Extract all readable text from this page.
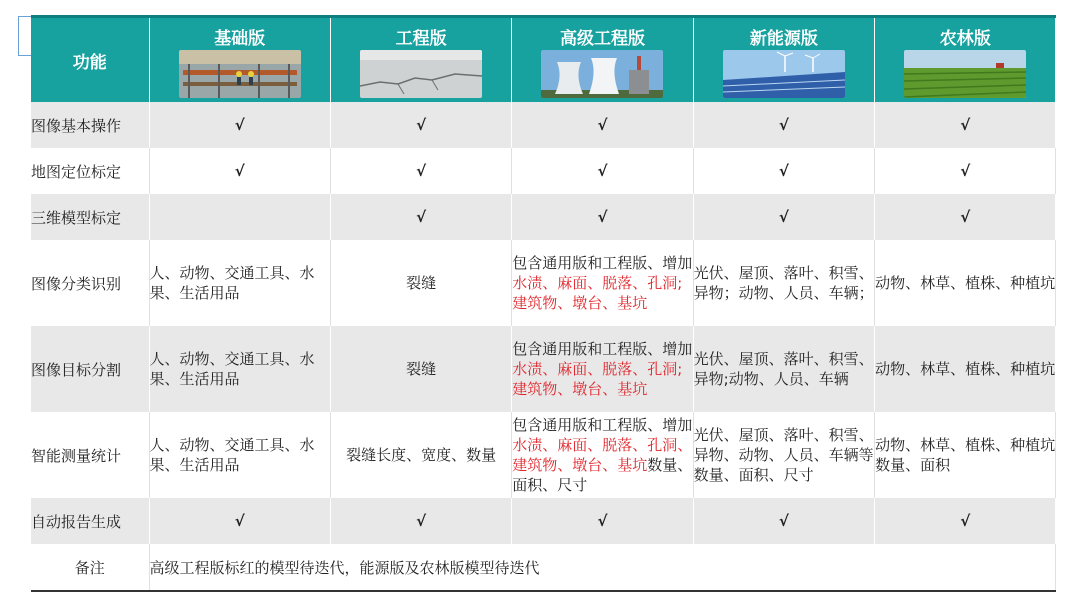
功能	基础版	工程版	高级工程版	新能源版	农林版

图像基本操作	√	√	√	√	√
地图定位标定	√	√	√	√	√
三维模型标定		√	√	√	√
图像分类识别	人、动物、交通工具、水果、生活用品	裂缝	包含通用版和工程版、增加水渍、麻面、脱落、孔洞;建筑物、墩台、基坑	光伏、屋顶、落叶、积雪、异物；动物、人员、车辆；	动物、林草、植株、种植坑
图像目标分割	人、动物、交通工具、水果、生活用品	裂缝	包含通用版和工程版、增加水渍、麻面、脱落、孔洞;建筑物、墩台、基坑	光伏、屋顶、落叶、积雪、异物;动物、人员、车辆	动物、林草、植株、种植坑
智能测量统计	人、动物、交通工具、水果、生活用品	裂缝长度、宽度、数量	包含通用版和工程版、增加水渍、麻面、脱落、孔洞、建筑物、墩台、基坑数量、面积、尺寸	光伏、屋顶、落叶、积雪、异物、动物、人员、车辆等数量、面积、尺寸	动物、林草、植株、种植坑数量、面积
自动报告生成	√	√	√	√	√
备注	高级工程版标红的模型待迭代，能源版及农林版模型待迭代				
